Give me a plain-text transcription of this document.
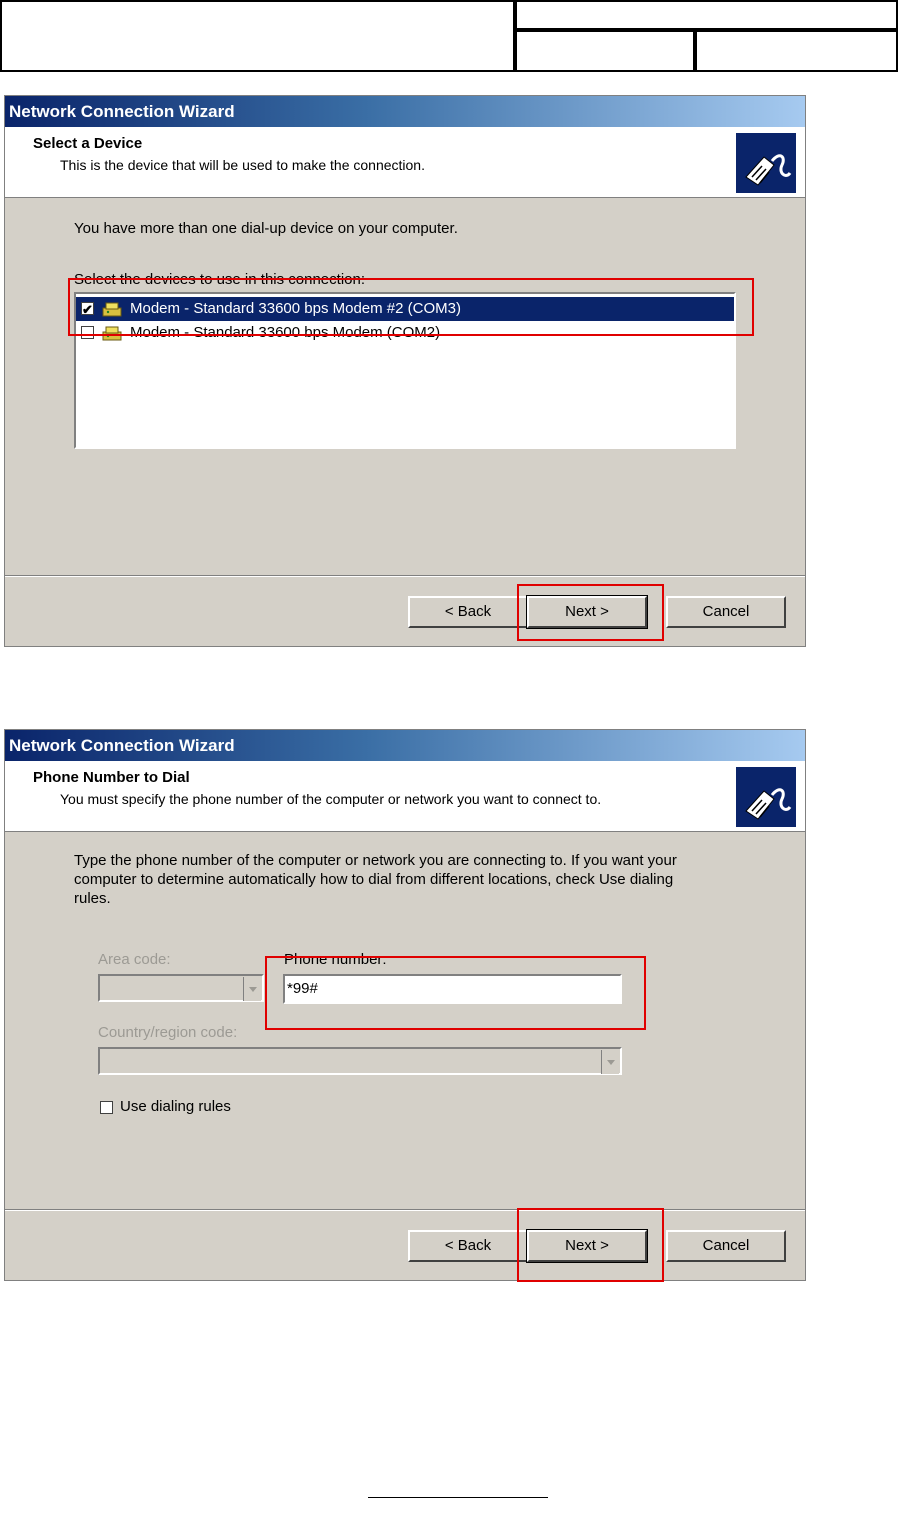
Network Connection Wizard
Select a Device
This is the device that will be used to make the connection.
You have more than one dial-up device on your computer.
Select the devices to use in this connection:
✔ Modem - Standard 33600 bps Modem #2 (COM3)
Modem - Standard 33600 bps Modem (COM2)
< Back	Next >	Cancel
Network Connection Wizard
Phone Number to Dial
You must specify the phone number of the computer or network you want to connect to.
Type the phone number of the computer or network you are connecting to. If you want your
computer to determine automatically how to dial from different locations, check Use dialing
rules.
Area code:	Phone number:
*99#
Country/region code:
Use dialing rules
< Back	Next >	Cancel
